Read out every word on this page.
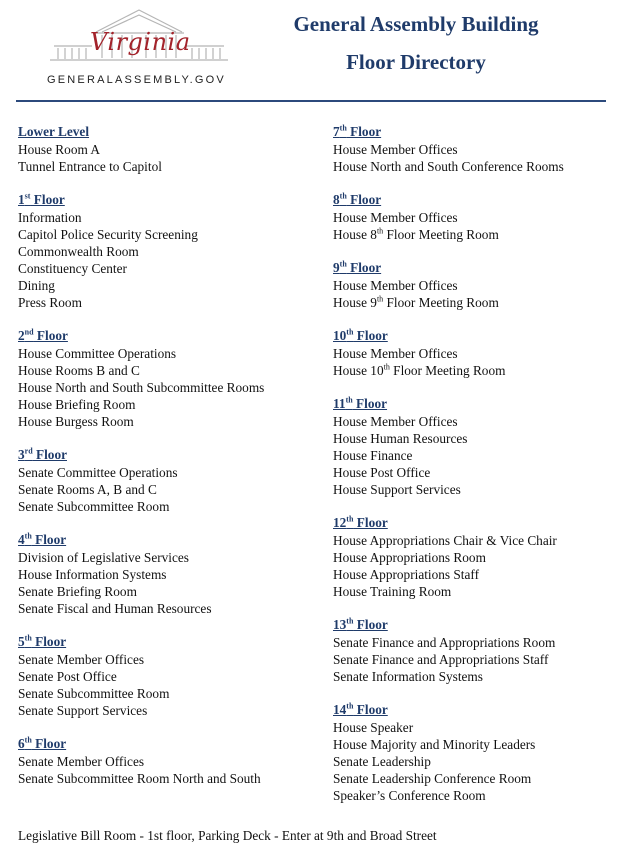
Virginia
GENERALASSEMBLY.GOV
General Assembly Building
Floor Directory
Lower Level
House Room A
Tunnel Entrance to Capitol
1st Floor
Information
Capitol Police Security Screening
Commonwealth Room
Constituency Center
Dining
Press Room
2nd Floor
House Committee Operations
House Rooms B and C
House North and South Subcommittee Rooms
House Briefing Room
House Burgess Room
3rd Floor
Senate Committee Operations
Senate Rooms A, B and C
Senate Subcommittee Room
4th Floor
Division of Legislative Services
House Information Systems
Senate Briefing Room
Senate Fiscal and Human Resources
5th Floor
Senate Member Offices
Senate Post Office
Senate Subcommittee Room
Senate Support Services
6th Floor
Senate Member Offices
Senate Subcommittee Room North and South
7th Floor
House Member Offices
House North and South Conference Rooms
8th Floor
House Member Offices
House 8th Floor Meeting Room
9th Floor
House Member Offices
House 9th Floor Meeting Room
10th Floor
House Member Offices
House 10th Floor Meeting Room
11th Floor
House Member Offices
House Human Resources
House Finance
House Post Office
House Support Services
12th Floor
House Appropriations Chair & Vice Chair
House Appropriations Room
House Appropriations Staff
House Training Room
13th Floor
Senate Finance and Appropriations Room
Senate Finance and Appropriations Staff
Senate Information Systems
14th Floor
House Speaker
House Majority and Minority Leaders
Senate Leadership
Senate Leadership Conference Room
Speaker’s Conference Room
Legislative Bill Room - 1st floor, Parking Deck - Enter at 9th and Broad Street
